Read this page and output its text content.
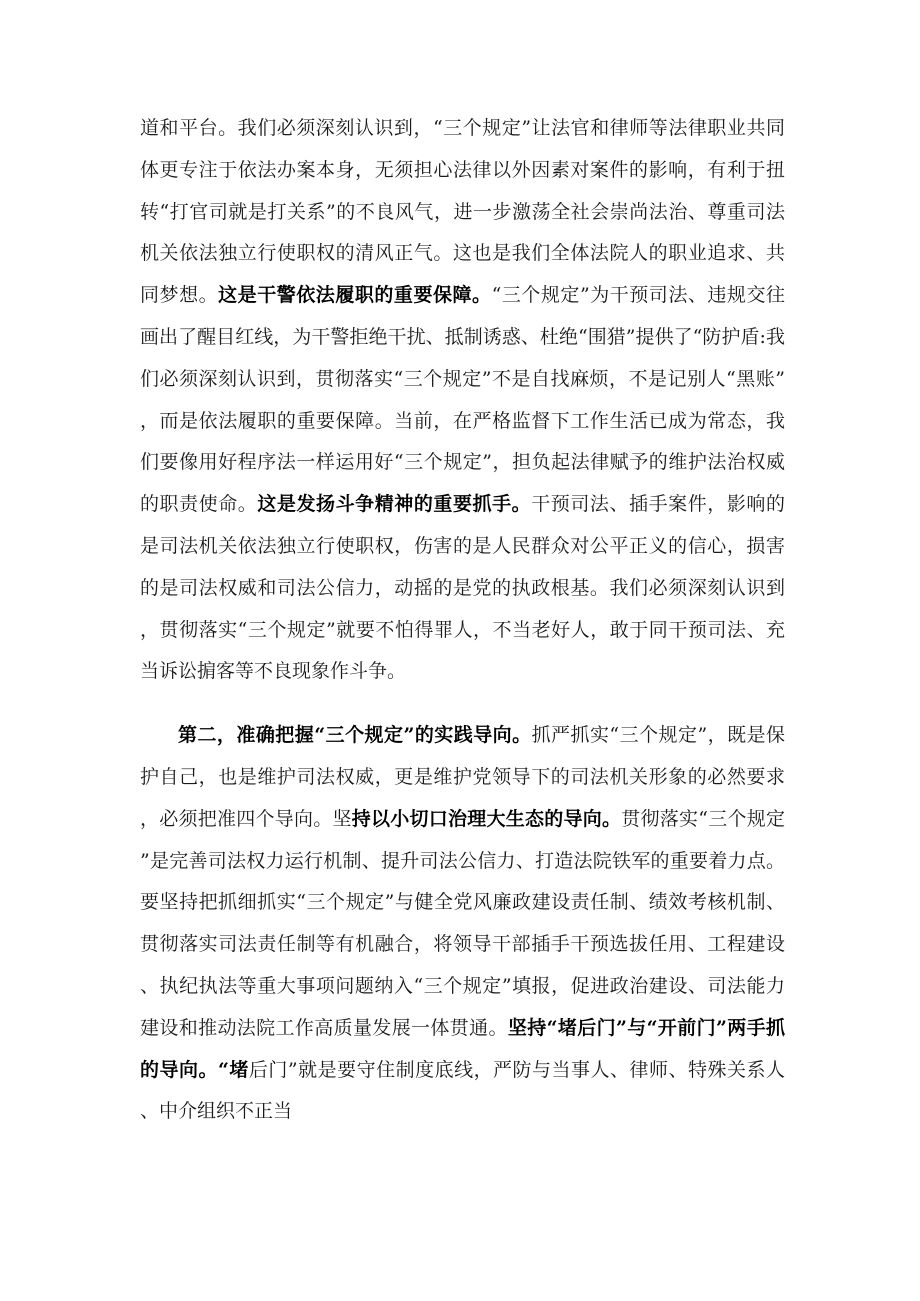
道和平台。我们必须深刻认识到，“三个规定”让法官和律师等法律职业共同体更专注于依法办案本身，无须担心法律以外因素对案件的影响，有利于扭转“打官司就是打关系”的不良风气，进一步激荡全社会崇尚法治、尊重司法机关依法独立行使职权的清风正气。这也是我们全体法院人的职业追求、共同梦想。这是干警依法履职的重要保障。“三个规定”为干预司法、违规交往画出了醒目红线，为干警拒绝干扰、抵制诱惑、杜绝“围猎”提供了“防护盾:我们必须深刻认识到，贯彻落实“三个规定”不是自找麻烦，不是记别人“黑账”，而是依法履职的重要保障。当前，在严格监督下工作生活已成为常态，我们要像用好程序法一样运用好“三个规定”，担负起法律赋予的维护法治权威的职责使命。这是发扬斗争精神的重要抓手。干预司法、插手案件，影响的是司法机关依法独立行使职权，伤害的是人民群众对公平正义的信心，损害的是司法权威和司法公信力，动摇的是党的执政根基。我们必须深刻认识到，贯彻落实“三个规定”就要不怕得罪人，不当老好人，敢于同干预司法、充当诉讼掮客等不良现象作斗争。

第二，准确把握“三个规定”的实践导向。抓严抓实“三个规定”，既是保护自己，也是维护司法权威，更是维护党领导下的司法机关形象的必然要求，必须把准四个导向。坚持以小切口治理大生态的导向。贯彻落实“三个规定”是完善司法权力运行机制、提升司法公信力、打造法院铁军的重要着力点。要坚持把抓细抓实“三个规定”与健全党风廉政建设责任制、绩效考核机制、贯彻落实司法责任制等有机融合，将领导干部插手干预选拔任用、工程建设、执纪执法等重大事项问题纳入“三个规定”填报，促进政治建设、司法能力建设和推动法院工作高质量发展一体贯通。坚持“堵后门”与“开前门”两手抓的导向。“堵后门”就是要守住制度底线，严防与当事人、律师、特殊关系人、中介组织不正当
